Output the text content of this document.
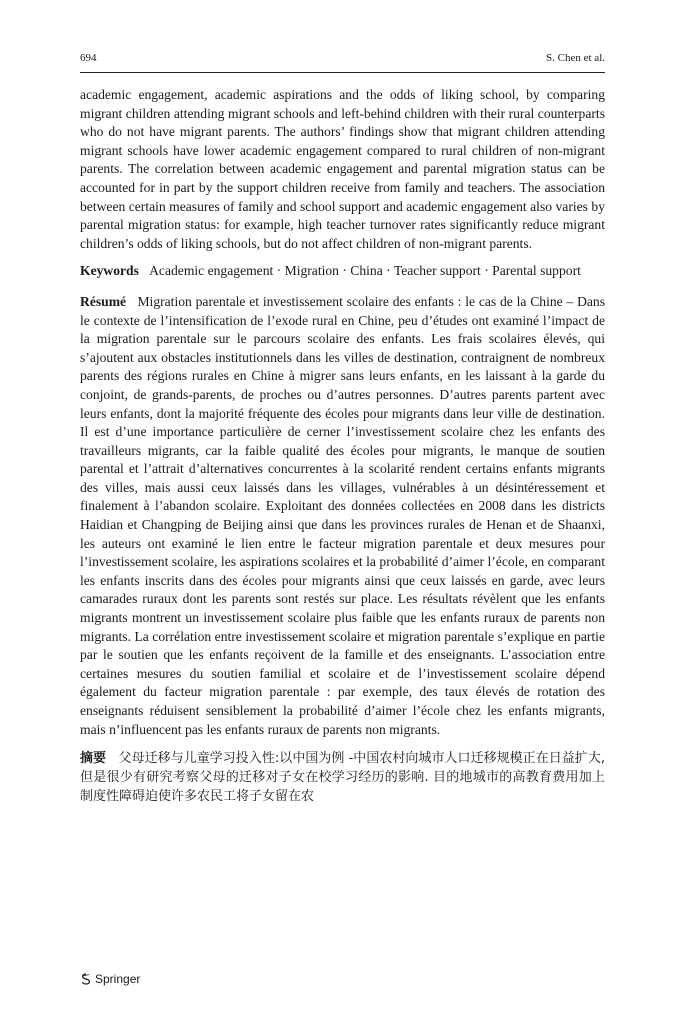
694	S. Chen et al.

academic engagement, academic aspirations and the odds of liking school, by comparing migrant children attending migrant schools and left-behind children with their rural counterparts who do not have migrant parents. The authors’ findings show that migrant children attending migrant schools have lower academic engagement compared to rural children of non-migrant parents. The correlation between academic engagement and parental migration status can be accounted for in part by the support children receive from family and teachers. The association between certain measures of family and school support and academic engagement also varies by parental migration status: for example, high teacher turnover rates significantly reduce migrant children’s odds of liking schools, but do not affect children of non-migrant parents.

Keywords Academic engagement · Migration · China · Teacher support · Parental support

Résumé Migration parentale et investissement scolaire des enfants : le cas de la Chine – Dans le contexte de l’intensification de l’exode rural en Chine, peu d’études ont examiné l’impact de la migration parentale sur le parcours scolaire des enfants. Les frais scolaires élevés, qui s’ajoutent aux obstacles institutionnels dans les villes de destination, contraignent de nombreux parents des régions rurales en Chine à migrer sans leurs enfants, en les laissant à la garde du conjoint, de grands-parents, de proches ou d’autres personnes. D’autres parents partent avec leurs enfants, dont la majorité fréquente des écoles pour migrants dans leur ville de destination. Il est d’une importance particulière de cerner l’investissement scolaire chez les enfants des travailleurs migrants, car la faible qualité des écoles pour migrants, le manque de soutien parental et l’attrait d’alternatives concurrentes à la scolarité rendent certains enfants migrants des villes, mais aussi ceux laissés dans les villages, vulnérables à un désintéressement et finalement à l’abandon scolaire. Exploitant des données collectées en 2008 dans les districts Haidian et Changping de Beijing ainsi que dans les provinces rurales de Henan et de Shaanxi, les auteurs ont examiné le lien entre le facteur migration parentale et deux mesures pour l’investissement scolaire, les aspirations scolaires et la probabilité d’aimer l’école, en comparant les enfants inscrits dans des écoles pour migrants ainsi que ceux laissés en garde, avec leurs camarades ruraux dont les parents sont restés sur place. Les résultats révèlent que les enfants migrants montrent un investissement scolaire plus faible que les enfants ruraux de parents non migrants. La corrélation entre investissement scolaire et migration parentale s’explique en partie par le soutien que les enfants reçoivent de la famille et des enseignants. L’association entre certaines mesures du soutien familial et scolaire et de l’investissement scolaire dépend également du facteur migration parentale : par exemple, des taux élevés de rotation des enseignants réduisent sensiblement la probabilité d’aimer l’école chez les enfants migrants, mais n’influencent pas les enfants ruraux de parents non migrants.

摘要 父母迁移与儿童学习投入性:以中国为例 -中国农村向城市人口迁移规模正在日益扩大, 但是很少有研究考察父母的迁移对子女在校学习经历的影响. 目的地城市的高教育费用加上制度性障碍迫使许多农民工将子女留在农

Springer
